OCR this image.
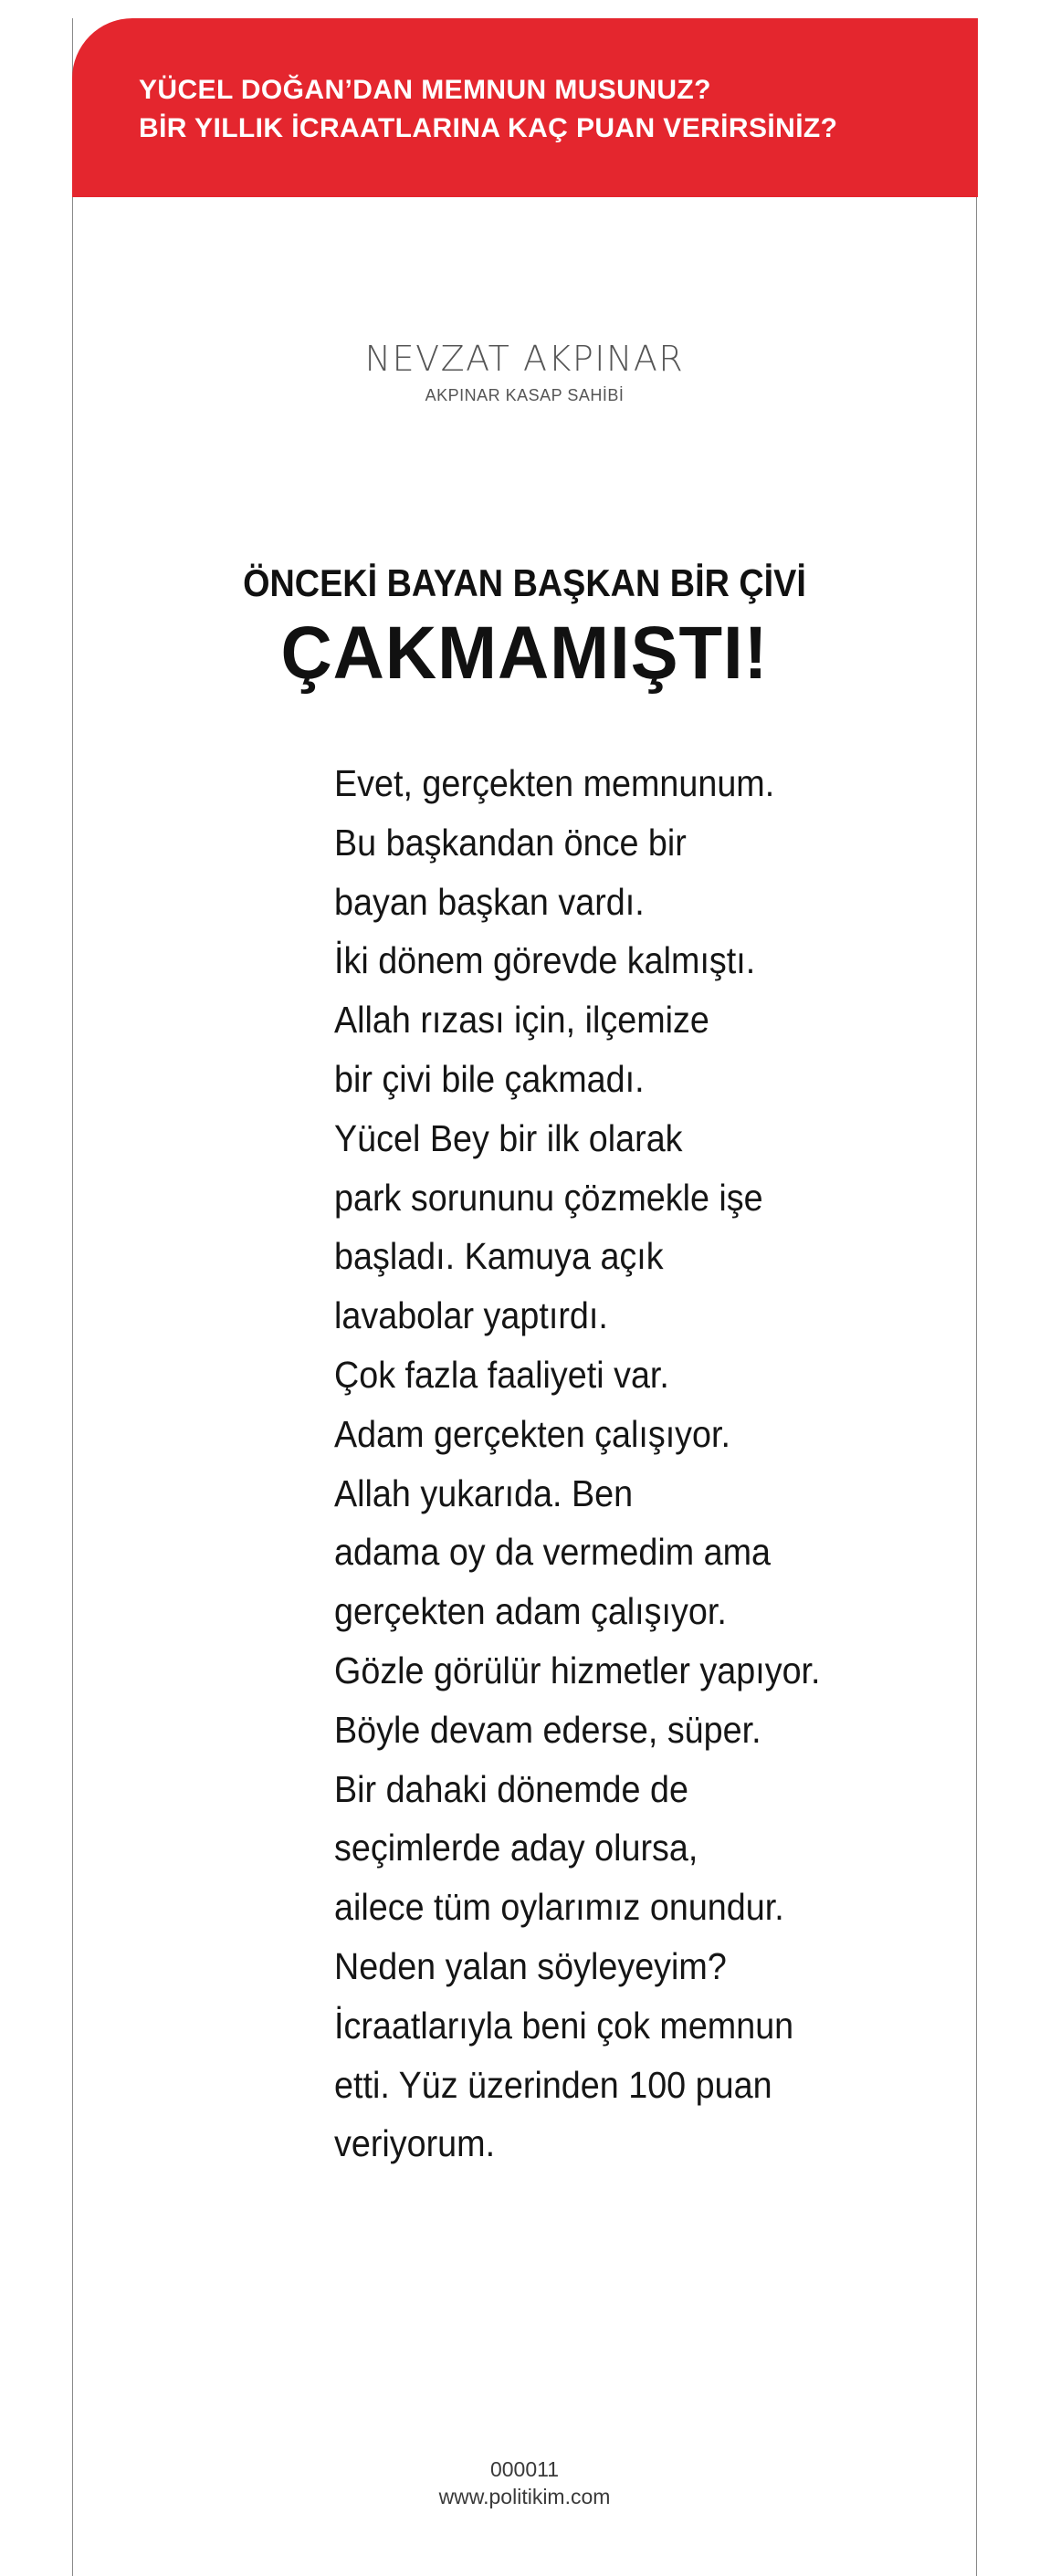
YÜCEL DOĞAN’DAN MEMNUN MUSUNUZ?
BİR YILLIK İCRAATLARINA KAÇ PUAN VERİRSİNİZ?
NEVZAT AKPINAR
AKPINAR KASAP SAHİBİ
ÖNCEKİ BAYAN BAŞKAN BİR ÇİVİ
ÇAKMAMIŞTI!
Evet, gerçekten memnunum.
Bu başkandan önce bir
bayan başkan vardı.
İki dönem görevde kalmıştı.
Allah rızası için, ilçemize
bir çivi bile çakmadı.
Yücel Bey bir ilk olarak
park sorununu çözmekle işe
başladı. Kamuya açık
lavabolar yaptırdı.
Çok fazla faaliyeti var.
Adam gerçekten çalışıyor.
Allah yukarıda. Ben
adama oy da vermedim ama
gerçekten adam çalışıyor.
Gözle görülür hizmetler yapıyor.
Böyle devam ederse, süper.
Bir dahaki dönemde de
seçimlerde aday olursa,
ailece tüm oylarımız onundur.
Neden yalan söyleyeyim?
İcraatlarıyla beni çok memnun
etti. Yüz üzerinden 100 puan
veriyorum.
000011
www.politikim.com
